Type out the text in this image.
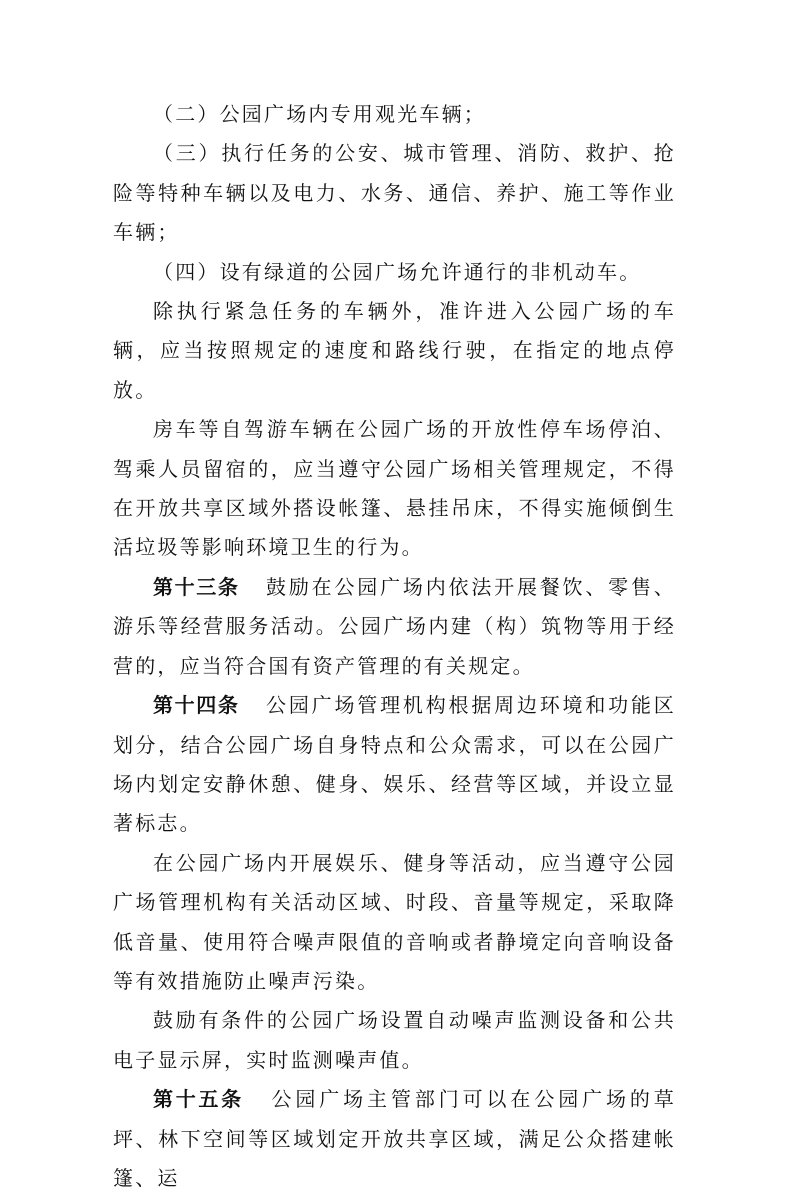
（二）公园广场内专用观光车辆；

（三）执行任务的公安、城市管理、消防、救护、抢险等特种车辆以及电力、水务、通信、养护、施工等作业车辆；

（四）设有绿道的公园广场允许通行的非机动车。

除执行紧急任务的车辆外，准许进入公园广场的车辆，应当按照规定的速度和路线行驶，在指定的地点停放。

房车等自驾游车辆在公园广场的开放性停车场停泊、驾乘人员留宿的，应当遵守公园广场相关管理规定，不得在开放共享区域外搭设帐篷、悬挂吊床，不得实施倾倒生活垃圾等影响环境卫生的行为。

第十三条 鼓励在公园广场内依法开展餐饮、零售、游乐等经营服务活动。公园广场内建（构）筑物等用于经营的，应当符合国有资产管理的有关规定。

第十四条 公园广场管理机构根据周边环境和功能区划分，结合公园广场自身特点和公众需求，可以在公园广场内划定安静休憩、健身、娱乐、经营等区域，并设立显著标志。

在公园广场内开展娱乐、健身等活动，应当遵守公园广场管理机构有关活动区域、时段、音量等规定，采取降低音量、使用符合噪声限值的音响或者静境定向音响设备等有效措施防止噪声污染。

鼓励有条件的公园广场设置自动噪声监测设备和公共电子显示屏，实时监测噪声值。

第十五条 公园广场主管部门可以在公园广场的草坪、林下空间等区域划定开放共享区域，满足公众搭建帐篷、运
